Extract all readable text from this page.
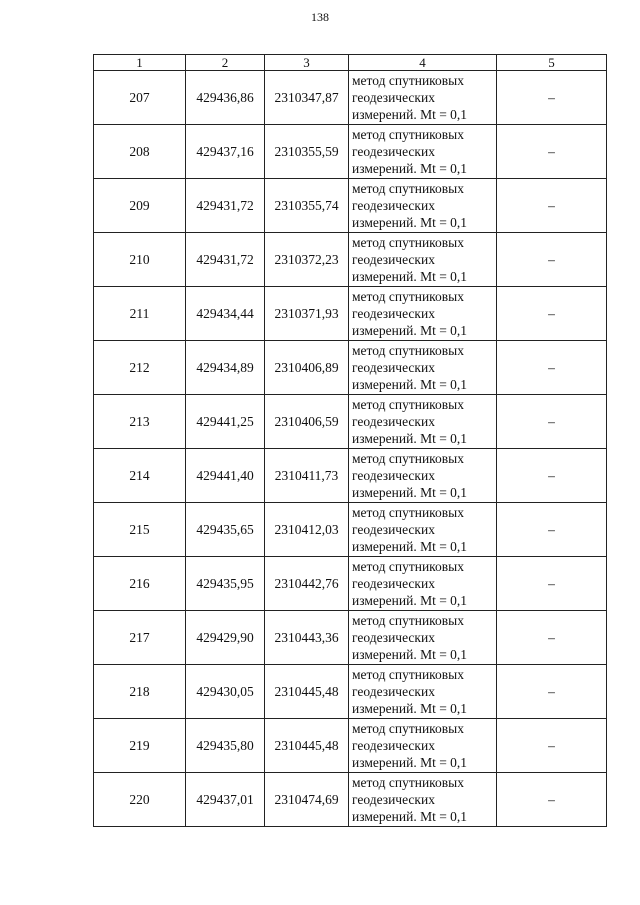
138
1	2	3	4	5
207	429436,86	2310347,87	метод спутниковых
геодезических
измерений. Mt = 0,1	–
208	429437,16	2310355,59	метод спутниковых
геодезических
измерений. Mt = 0,1	–
209	429431,72	2310355,74	метод спутниковых
геодезических
измерений. Mt = 0,1	–
210	429431,72	2310372,23	метод спутниковых
геодезических
измерений. Mt = 0,1	–
211	429434,44	2310371,93	метод спутниковых
геодезических
измерений. Mt = 0,1	–
212	429434,89	2310406,89	метод спутниковых
геодезических
измерений. Mt = 0,1	–
213	429441,25	2310406,59	метод спутниковых
геодезических
измерений. Mt = 0,1	–
214	429441,40	2310411,73	метод спутниковых
геодезических
измерений. Mt = 0,1	–
215	429435,65	2310412,03	метод спутниковых
геодезических
измерений. Mt = 0,1	–
216	429435,95	2310442,76	метод спутниковых
геодезических
измерений. Mt = 0,1	–
217	429429,90	2310443,36	метод спутниковых
геодезических
измерений. Mt = 0,1	–
218	429430,05	2310445,48	метод спутниковых
геодезических
измерений. Mt = 0,1	–
219	429435,80	2310445,48	метод спутниковых
геодезических
измерений. Mt = 0,1	–
220	429437,01	2310474,69	метод спутниковых
геодезических
измерений. Mt = 0,1	–
